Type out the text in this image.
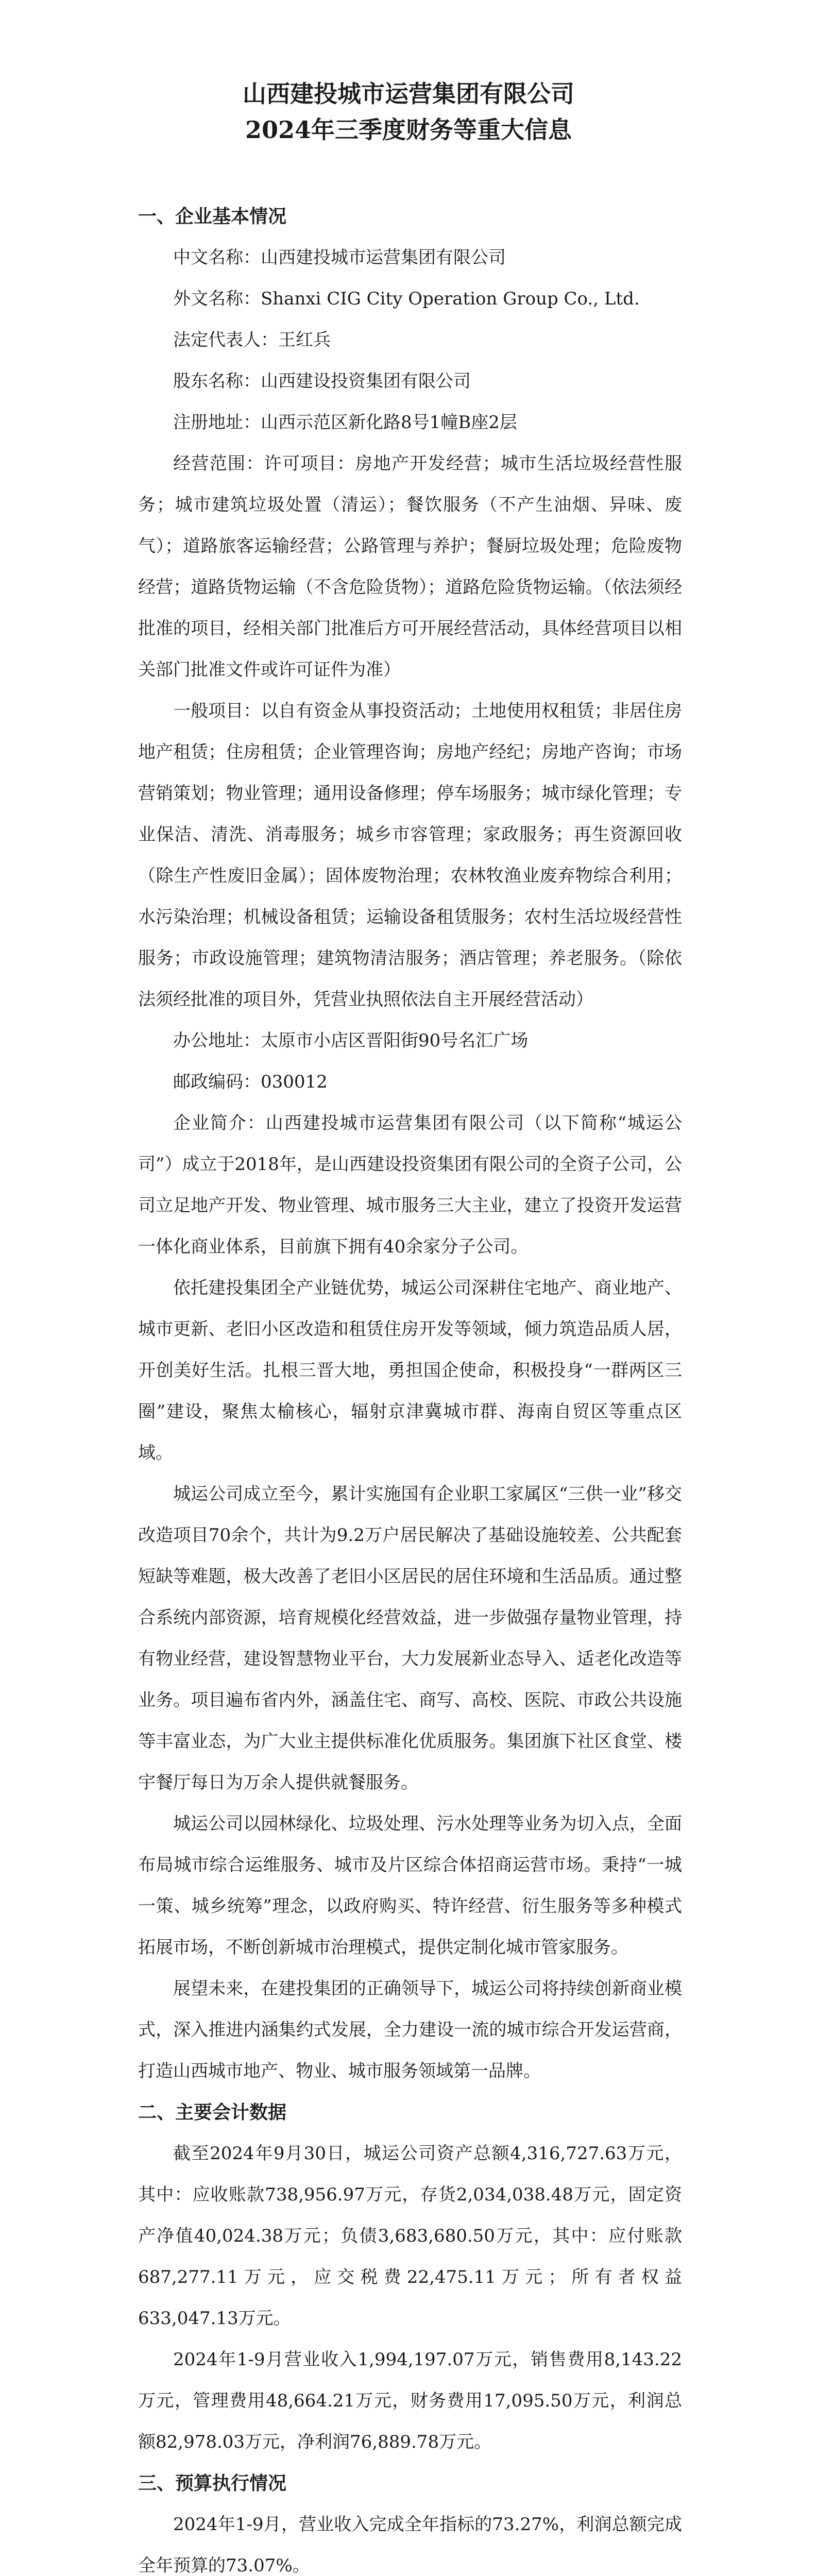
山西建投城市运营集团有限公司
2024年三季度财务等重大信息

一、企业基本情况

中文名称：山西建投城市运营集团有限公司

外文名称：Shanxi CIG City Operation Group Co., Ltd.

法定代表人：王红兵

股东名称：山西建设投资集团有限公司

注册地址：山西示范区新化路8号1幢B座2层

经营范围：许可项目：房地产开发经营；城市生活垃圾经营性服务；城市建筑垃圾处置（清运）；餐饮服务（不产生油烟、异味、废气）；道路旅客运输经营；公路管理与养护；餐厨垃圾处理；危险废物经营；道路货物运输（不含危险货物）；道路危险货物运输。（依法须经批准的项目，经相关部门批准后方可开展经营活动，具体经营项目以相关部门批准文件或许可证件为准）

一般项目：以自有资金从事投资活动；土地使用权租赁；非居住房地产租赁；住房租赁；企业管理咨询；房地产经纪；房地产咨询；市场营销策划；物业管理；通用设备修理；停车场服务；城市绿化管理；专业保洁、清洗、消毒服务；城乡市容管理；家政服务；再生资源回收（除生产性废旧金属）；固体废物治理；农林牧渔业废弃物综合利用；水污染治理；机械设备租赁；运输设备租赁服务；农村生活垃圾经营性服务；市政设施管理；建筑物清洁服务；酒店管理；养老服务。（除依法须经批准的项目外，凭营业执照依法自主开展经营活动）

办公地址：太原市小店区晋阳街90号名汇广场

邮政编码：030012

企业简介：山西建投城市运营集团有限公司（以下简称“城运公司”）成立于2018年，是山西建设投资集团有限公司的全资子公司，公司立足地产开发、物业管理、城市服务三大主业，建立了投资开发运营一体化商业体系，目前旗下拥有40余家分子公司。

依托建投集团全产业链优势，城运公司深耕住宅地产、商业地产、城市更新、老旧小区改造和租赁住房开发等领域，倾力筑造品质人居，开创美好生活。扎根三晋大地，勇担国企使命，积极投身“一群两区三圈”建设，聚焦太榆核心，辐射京津冀城市群、海南自贸区等重点区域。

城运公司成立至今，累计实施国有企业职工家属区“三供一业”移交改造项目70余个，共计为9.2万户居民解决了基础设施较差、公共配套短缺等难题，极大改善了老旧小区居民的居住环境和生活品质。通过整合系统内部资源，培育规模化经营效益，进一步做强存量物业管理，持有物业经营，建设智慧物业平台，大力发展新业态导入、适老化改造等业务。项目遍布省内外，涵盖住宅、商写、高校、医院、市政公共设施等丰富业态，为广大业主提供标准化优质服务。集团旗下社区食堂、楼宇餐厅每日为万余人提供就餐服务。

城运公司以园林绿化、垃圾处理、污水处理等业务为切入点，全面布局城市综合运维服务、城市及片区综合体招商运营市场。秉持“一城一策、城乡统筹”理念，以政府购买、特许经营、衍生服务等多种模式拓展市场，不断创新城市治理模式，提供定制化城市管家服务。

展望未来，在建投集团的正确领导下，城运公司将持续创新商业模式，深入推进内涵集约式发展，全力建设一流的城市综合开发运营商，打造山西城市地产、物业、城市服务领域第一品牌。

二、主要会计数据

截至2024年9月30日，城运公司资产总额4,316,727.63万元，其中：应收账款738,956.97万元，存货2,034,038.48万元，固定资产净值40,024.38万元；负债3,683,680.50万元，其中：应付账款687,277.11万元，应交税费22,475.11万元；所有者权益633,047.13万元。

2024年1-9月营业收入1,994,197.07万元，销售费用8,143.22万元，管理费用48,664.21万元，财务费用17,095.50万元，利润总额82,978.03万元，净利润76,889.78万元。

三、预算执行情况

2024年1-9月，营业收入完成全年指标的73.27%，利润总额完成全年预算的73.07%。
